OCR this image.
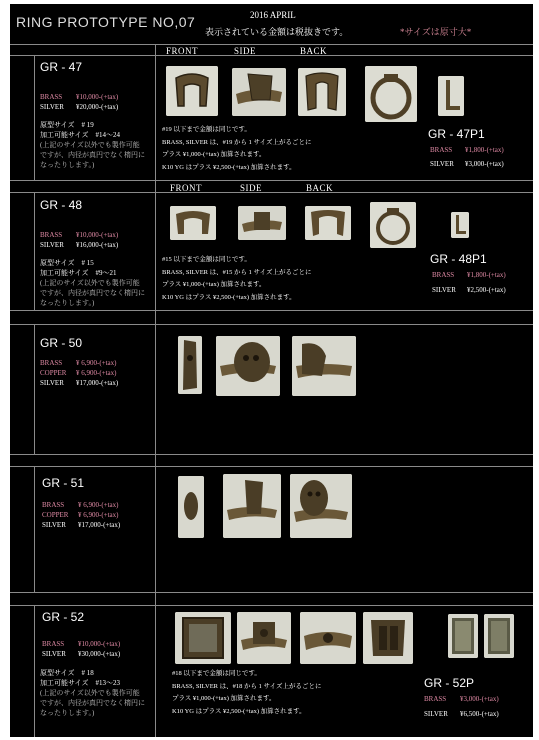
RING PROTOTYPE NO,07	2016 APRIL
表示されている金額は税抜きです。	*サイズは原寸大*
FRONT	SIDE	BACK
FRONT	SIDE	BACK
GR - 47
BRASS ¥10,000-(+tax)
SILVER ¥20,000-(+tax)
原型サイズ　# 19
加工可能サイズ　#14～24
(上記のサイズ以外でも製作可能
ですが、内径が真円でなく楕円に
なったりします。)
#19 以下まで金額は同じです。
BRASS, SILVER は、#19 から 1 サイズ上がるごとに
プラス ¥1,000-(+tax) 加算されます。
K10 YG はプラス ¥2,500-(+tax) 加算されます。
GR - 47P1
BRASS ¥1,800-(+tax)
SILVER ¥3,000-(+tax)
GR - 48
BRASS ¥10,000-(+tax)
SILVER ¥16,000-(+tax)
原型サイズ　# 15
加工可能サイズ　#9～21
(上記のサイズ以外でも製作可能
ですが、内径が真円でなく楕円に
なったりします。)
#15 以下まで金額は同じです。
BRASS, SILVER は、#15 から 1 サイズ上がるごとに
プラス ¥1,000-(+tax) 加算されます。
K10 YG はプラス ¥2,500-(+tax) 加算されます。
GR - 48P1
BRASS ¥1,800-(+tax)
SILVER ¥2,500-(+tax)
GR - 50
BRASS ¥ 6,900-(+tax)
COPPER ¥ 6,900-(+tax)
SILVER ¥17,000-(+tax)
GR - 51
BRASS ¥ 6,900-(+tax)
COPPER ¥ 6,900-(+tax)
SILVER ¥17,000-(+tax)
GR - 52
BRASS ¥10,000-(+tax)
SILVER ¥30,000-(+tax)
原型サイズ　# 18
加工可能サイズ　#13～23
(上記のサイズ以外でも製作可能
ですが、内径が真円でなく楕円に
なったりします。)
#18 以下まで金額は同じです。
BRASS, SILVER は、#18 から 1 サイズ上がるごとに
プラス ¥1,000-(+tax) 加算されます。
K10 YG はプラス ¥2,500-(+tax) 加算されます。
GR - 52P
BRASS ¥3,000-(+tax)
SILVER ¥6,500-(+tax)
